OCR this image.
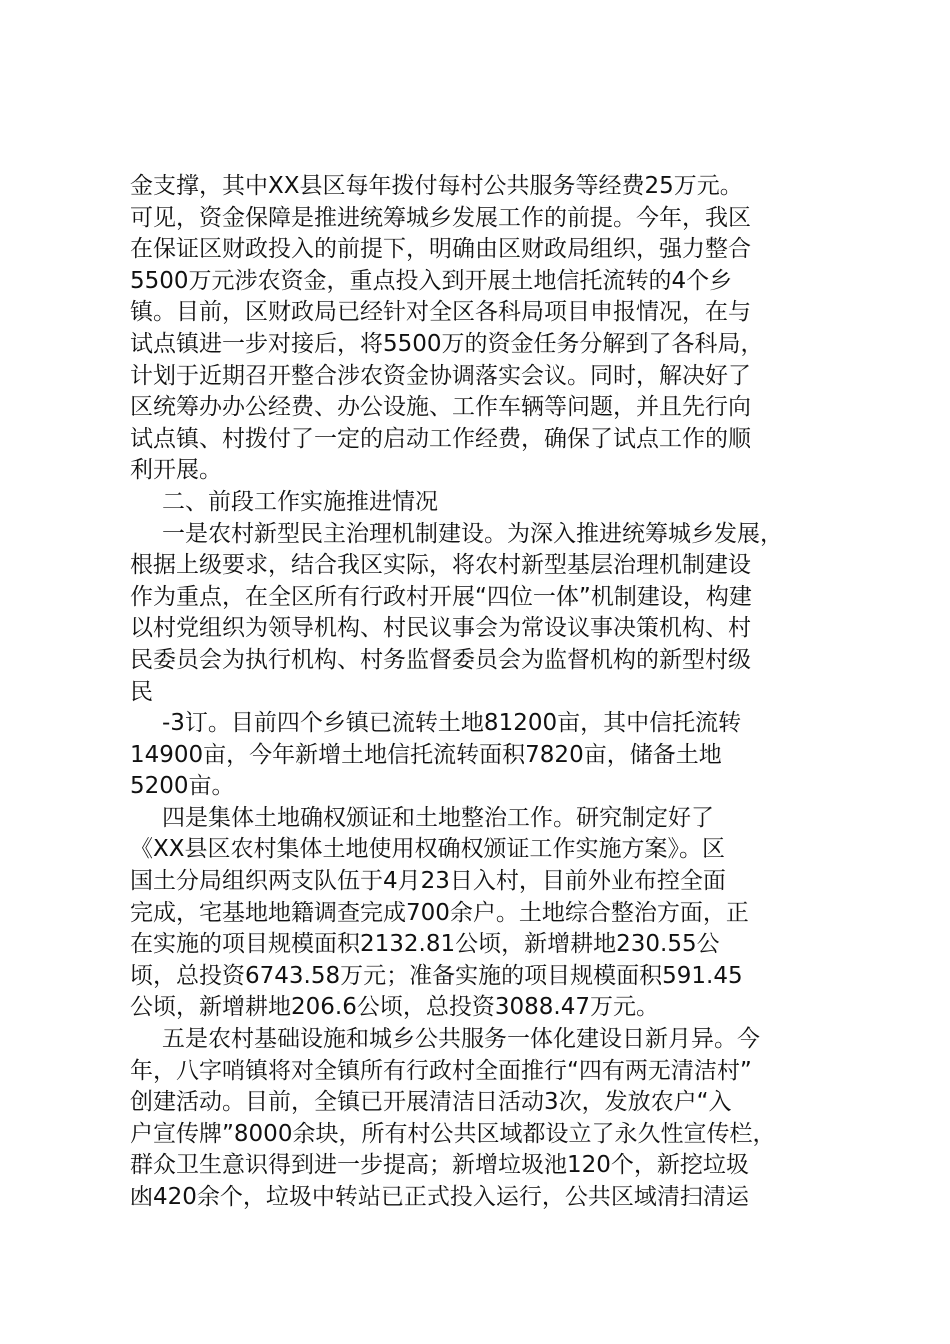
金支撑，其中XX县区每年拨付每村公共服务等经费25万元。
可见，资金保障是推进统筹城乡发展工作的前提。今年，我区
在保证区财政投入的前提下，明确由区财政局组织，强力整合
5500万元涉农资金，重点投入到开展土地信托流转的4个乡
镇。目前，区财政局已经针对全区各科局项目申报情况，在与
试点镇进一步对接后，将5500万的资金任务分解到了各科局，
计划于近期召开整合涉农资金协调落实会议。同时，解决好了
区统筹办办公经费、办公设施、工作车辆等问题，并且先行向
试点镇、村拨付了一定的启动工作经费，确保了试点工作的顺
利开展。
二、前段工作实施推进情况
一是农村新型民主治理机制建设。为深入推进统筹城乡发展，
根据上级要求，结合我区实际，将农村新型基层治理机制建设
作为重点，在全区所有行政村开展“四位一体”机制建设，构建
以村党组织为领导机构、村民议事会为常设议事决策机构、村
民委员会为执行机构、村务监督委员会为监督机构的新型村级
民
-3订。目前四个乡镇已流转土地81200亩，其中信托流转
14900亩，今年新增土地信托流转面积7820亩，储备土地
5200亩。
四是集体土地确权颁证和土地整治工作。研究制定好了
《XX县区农村集体土地使用权确权颁证工作实施方案》。区
国土分局组织两支队伍于4月23日入村，目前外业布控全面
完成，宅基地地籍调查完成700余户。土地综合整治方面，正
在实施的项目规模面积2132.81公顷，新增耕地230.55公
顷，总投资6743.58万元；准备实施的项目规模面积591.45
公顷，新增耕地206.6公顷，总投资3088.47万元。
五是农村基础设施和城乡公共服务一体化建设日新月异。今
年，八字哨镇将对全镇所有行政村全面推行“四有两无清洁村”
创建活动。目前，全镇已开展清洁日活动3次，发放农户“入
户宣传牌”8000余块，所有村公共区域都设立了永久性宣传栏，
群众卫生意识得到进一步提高；新增垃圾池120个，新挖垃圾
凼420余个，垃圾中转站已正式投入运行，公共区域清扫清运
